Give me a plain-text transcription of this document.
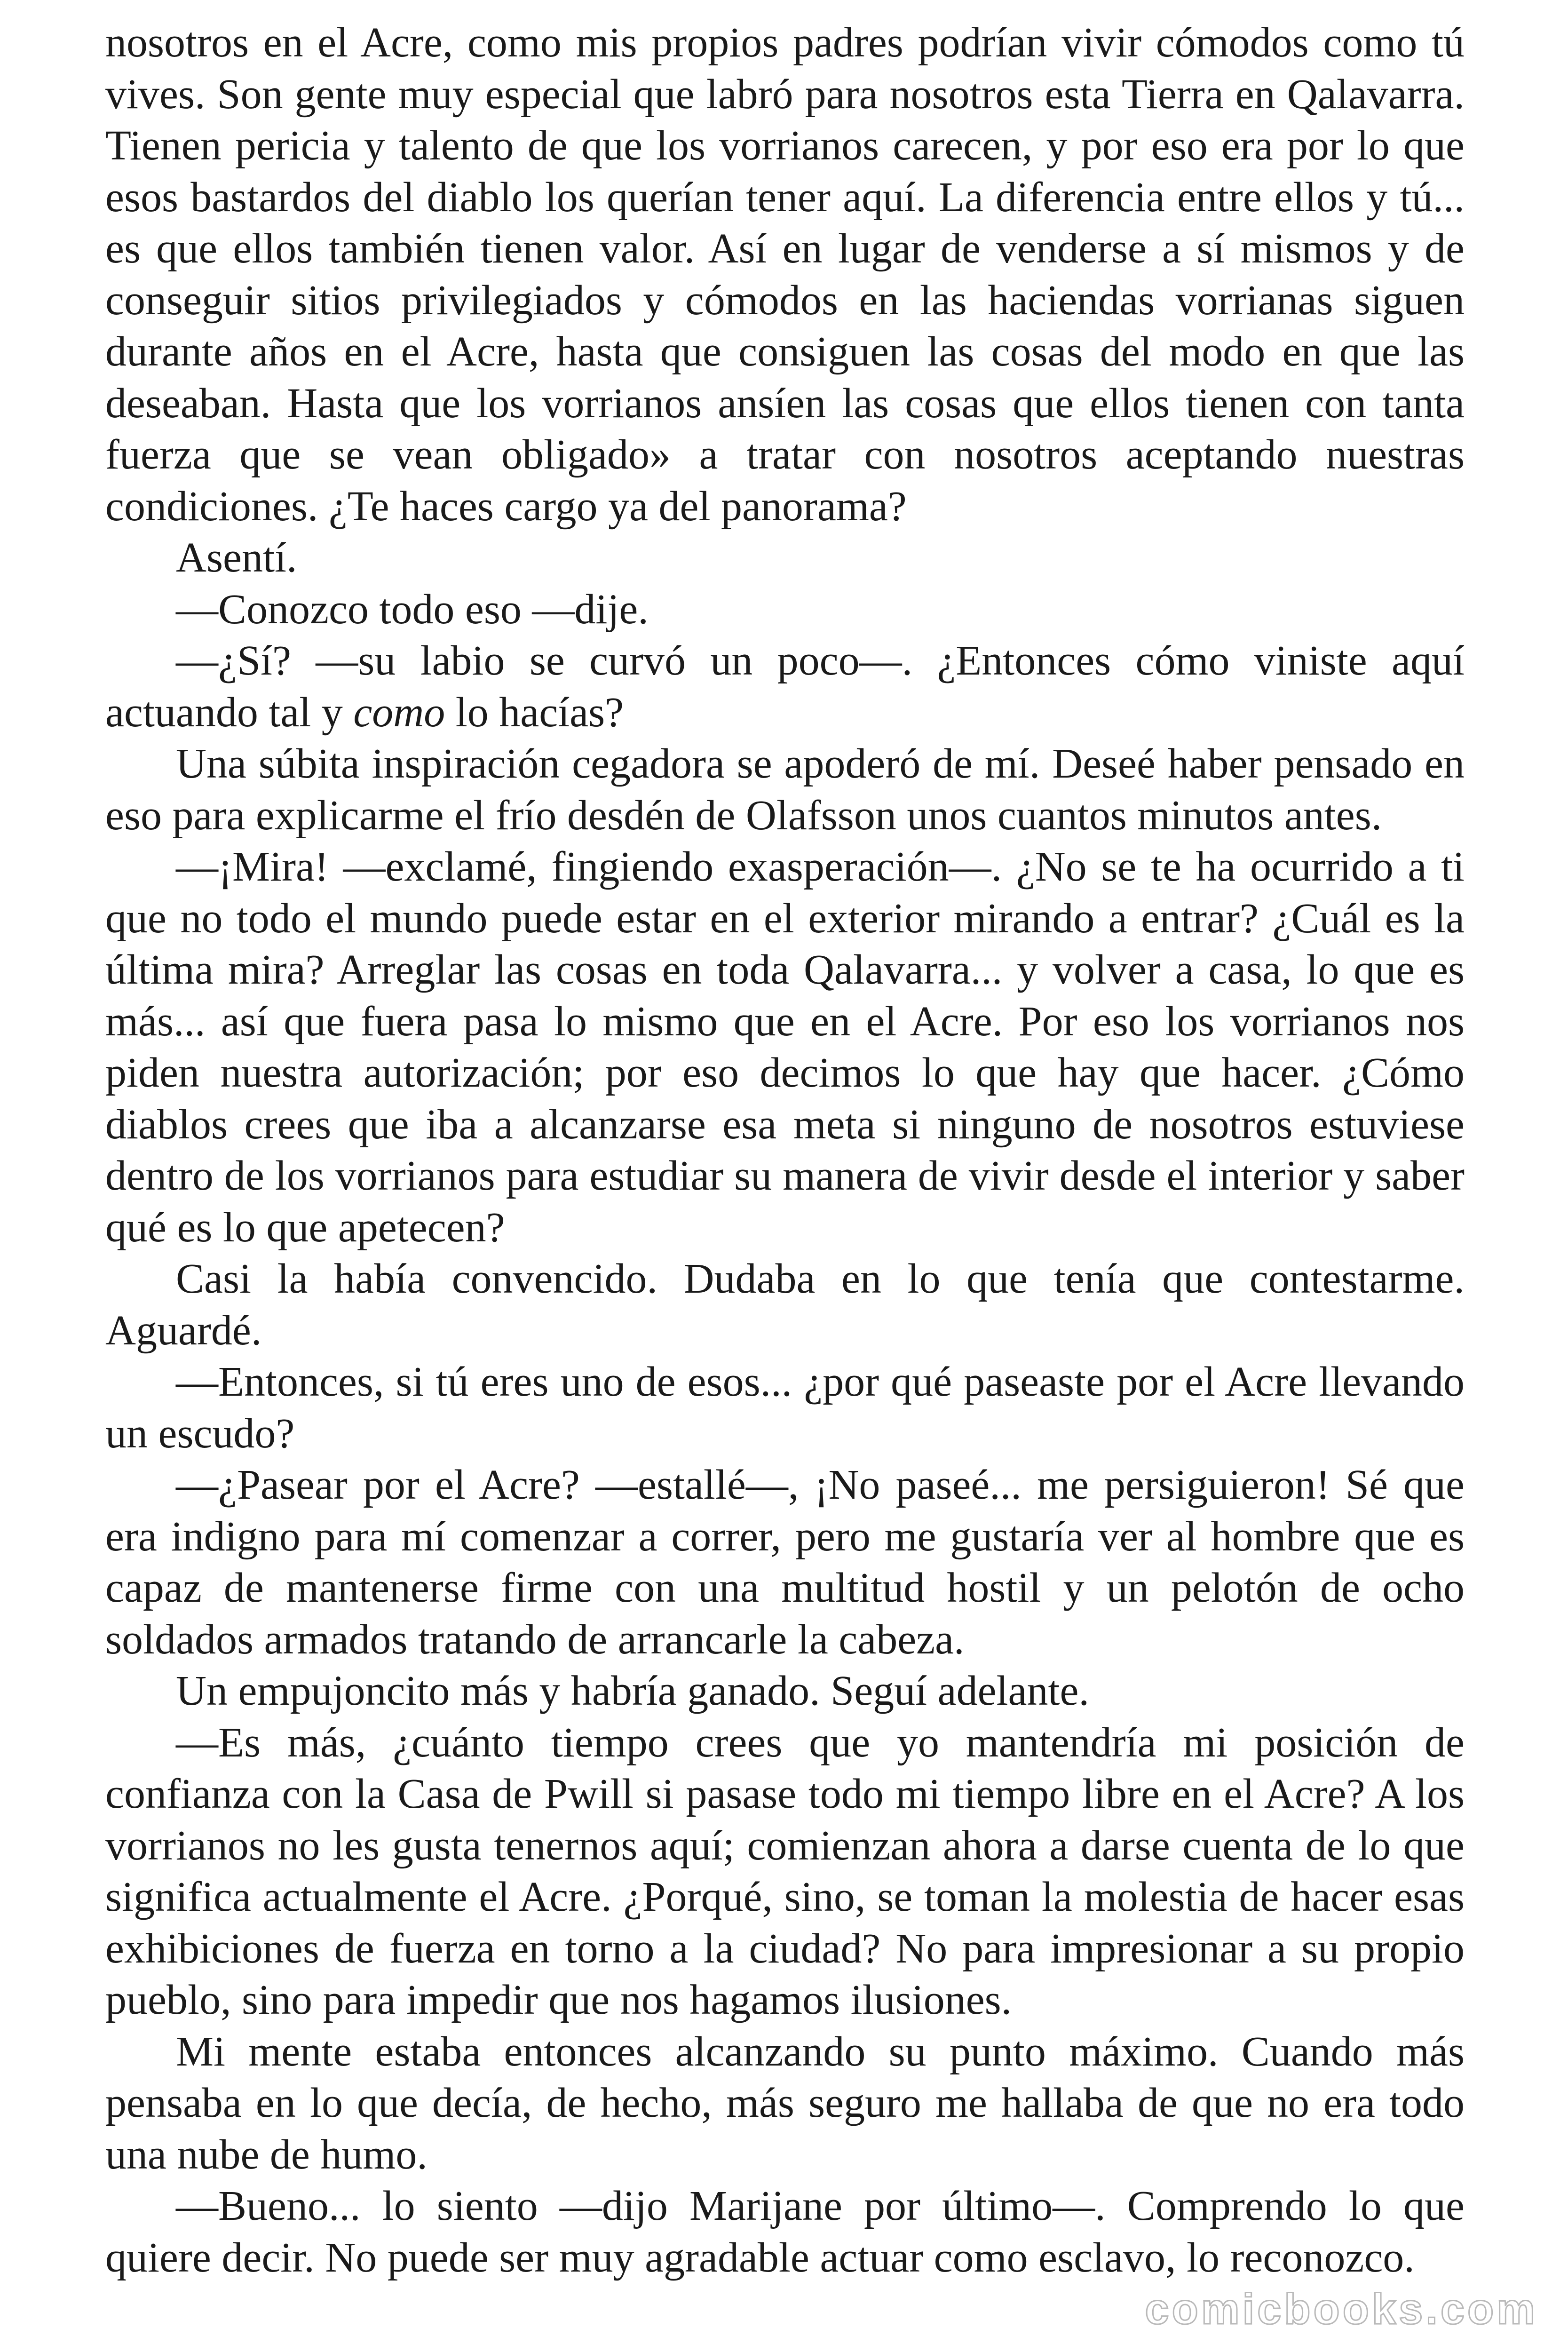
nosotros en el Acre, como mis propios padres podrían vivir cómodos como tú vives. Son gente muy especial que labró para nosotros esta Tierra en Qalavarra. Tienen pericia y talento de que los vorrianos carecen, y por eso era por lo que esos bastardos del diablo los querían tener aquí. La diferencia entre ellos y tú... es que ellos también tienen valor. Así en lugar de venderse a sí mismos y de conseguir sitios privilegiados y cómodos en las haciendas vorrianas siguen durante años en el Acre, hasta que consiguen las cosas del modo en que las deseaban. Hasta que los vorrianos ansíen las cosas que ellos tienen con tanta fuerza que se vean obligado» a tratar con nosotros aceptando nuestras condiciones. ¿Te haces cargo ya del panorama?

Asentí.

—Conozco todo eso —dije.

—¿Sí? —su labio se curvó un poco—. ¿Entonces cómo viniste aquí actuando tal y como lo hacías?

Una súbita inspiración cegadora se apoderó de mí. Deseé haber pensado en eso para explicarme el frío desdén de Olafsson unos cuantos minutos antes.

—¡Mira! —exclamé, fingiendo exasperación—. ¿No se te ha ocurrido a ti que no todo el mundo puede estar en el exterior mirando a entrar? ¿Cuál es la última mira? Arreglar las cosas en toda Qalavarra... y volver a casa, lo que es más... así que fuera pasa lo mismo que en el Acre. Por eso los vorrianos nos piden nuestra autorización; por eso decimos lo que hay que hacer. ¿Cómo diablos crees que iba a alcanzarse esa meta si ninguno de nosotros estuviese dentro de los vorrianos para estudiar su manera de vivir desde el interior y saber qué es lo que apetecen?

Casi la había convencido. Dudaba en lo que tenía que contestarme. Aguardé.

—Entonces, si tú eres uno de esos... ¿por qué paseaste por el Acre llevando un escudo?

—¿Pasear por el Acre? —estallé—, ¡No paseé... me persiguieron! Sé que era indigno para mí comenzar a correr, pero me gustaría ver al hombre que es capaz de mantenerse firme con una multitud hostil y un pelotón de ocho soldados armados tratando de arrancarle la cabeza.

Un empujoncito más y habría ganado. Seguí adelante.

—Es más, ¿cuánto tiempo crees que yo mantendría mi posición de confianza con la Casa de Pwill si pasase todo mi tiempo libre en el Acre? A los vorrianos no les gusta tenernos aquí; comienzan ahora a darse cuenta de lo que significa actualmente el Acre. ¿Porqué, sino, se toman la molestia de hacer esas exhibiciones de fuerza en torno a la ciudad? No para impresionar a su propio pueblo, sino para impedir que nos hagamos ilusiones.

Mi mente estaba entonces alcanzando su punto máximo. Cuando más pensaba en lo que decía, de hecho, más seguro me hallaba de que no era todo una nube de humo.

—Bueno... lo siento —dijo Marijane por último—. Comprendo lo que quiere decir. No puede ser muy agradable actuar como esclavo, lo reconozco.

comicbooks.com
